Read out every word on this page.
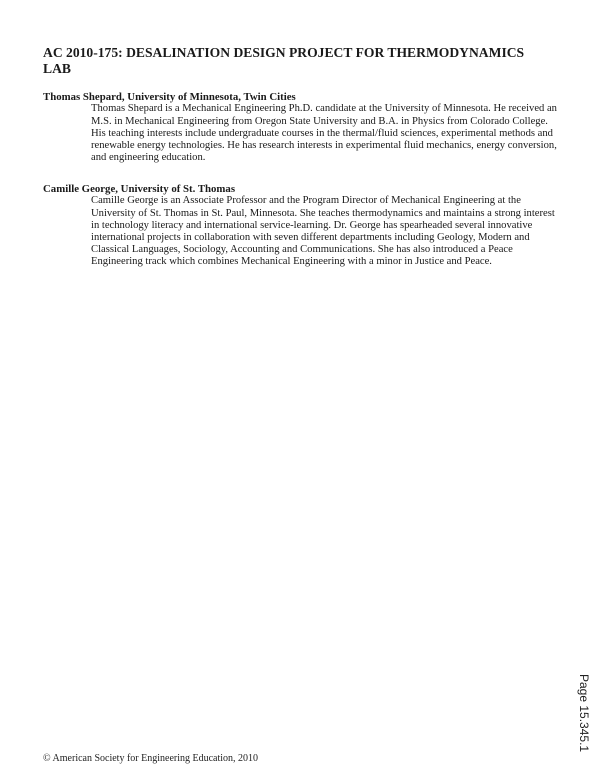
AC 2010-175: DESALINATION DESIGN PROJECT FOR THERMODYNAMICS LAB

Thomas Shepard, University of Minnesota, Twin Cities

Thomas Shepard is a Mechanical Engineering Ph.D. candidate at the University of Minnesota. He received an M.S. in Mechanical Engineering from Oregon State University and B.A. in Physics from Colorado College. His teaching interests include undergraduate courses in the thermal/fluid sciences, experimental methods and renewable energy technologies. He has research interests in experimental fluid mechanics, energy conversion, and engineering education.

Camille George, University of St. Thomas

Camille George is an Associate Professor and the Program Director of Mechanical Engineering at the University of St. Thomas in St. Paul, Minnesota. She teaches thermodynamics and maintains a strong interest in technology literacy and international service-learning. Dr. George has spearheaded several innovative international projects in collaboration with seven different departments including Geology, Modern and Classical Languages, Sociology, Accounting and Communications. She has also introduced a Peace Engineering track which combines Mechanical Engineering with a minor in Justice and Peace.

Page 15.345.1
© American Society for Engineering Education, 2010
